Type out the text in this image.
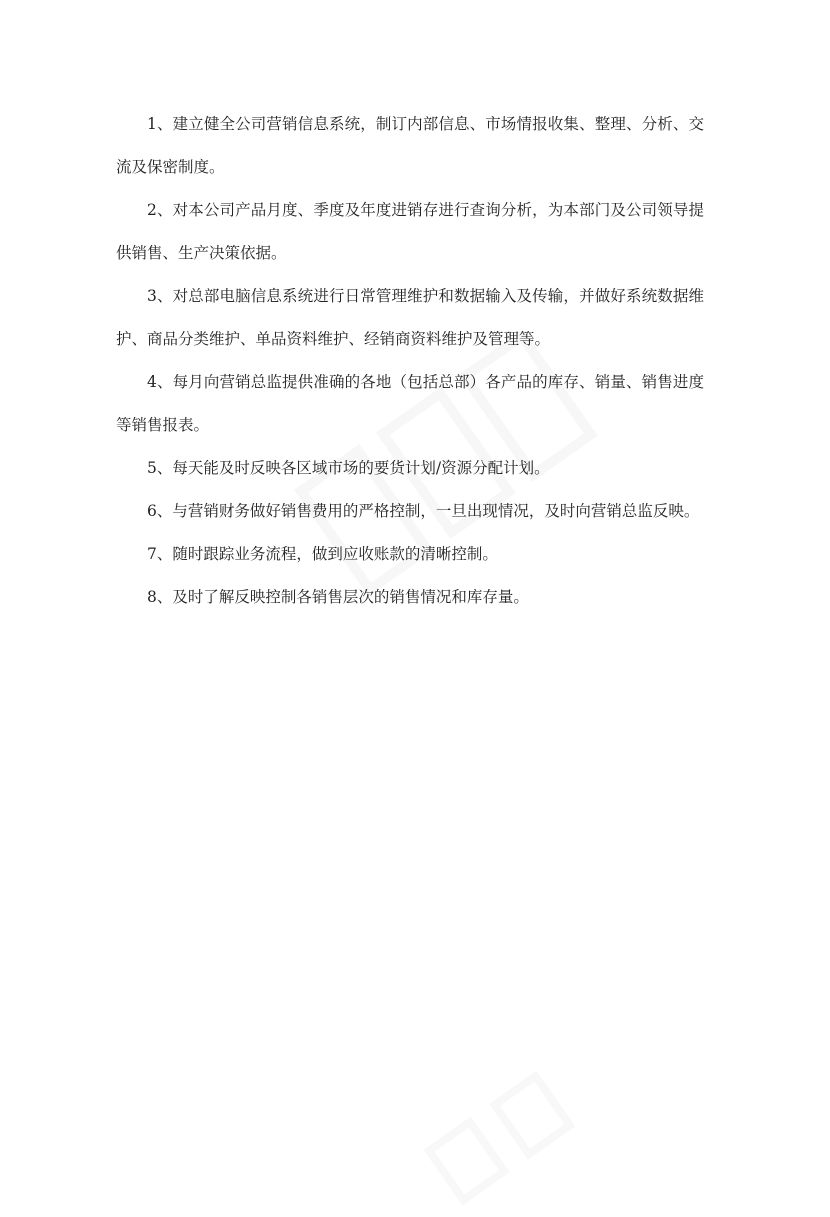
1、建立健全公司营销信息系统，制订内部信息、市场情报收集、整理、分析、交流及保密制度。

2、对本公司产品月度、季度及年度进销存进行查询分析，为本部门及公司领导提供销售、生产决策依据。

3、对总部电脑信息系统进行日常管理维护和数据输入及传输，并做好系统数据维护、商品分类维护、单品资料维护、经销商资料维护及管理等。

4、每月向营销总监提供准确的各地（包括总部）各产品的库存、销量、销售进度等销售报表。

5、每天能及时反映各区域市场的要货计划/资源分配计划。

6、与营销财务做好销售费用的严格控制，一旦出现情况，及时向营销总监反映。

7、随时跟踪业务流程，做到应收账款的清晰控制。

8、及时了解反映控制各销售层次的销售情况和库存量。
